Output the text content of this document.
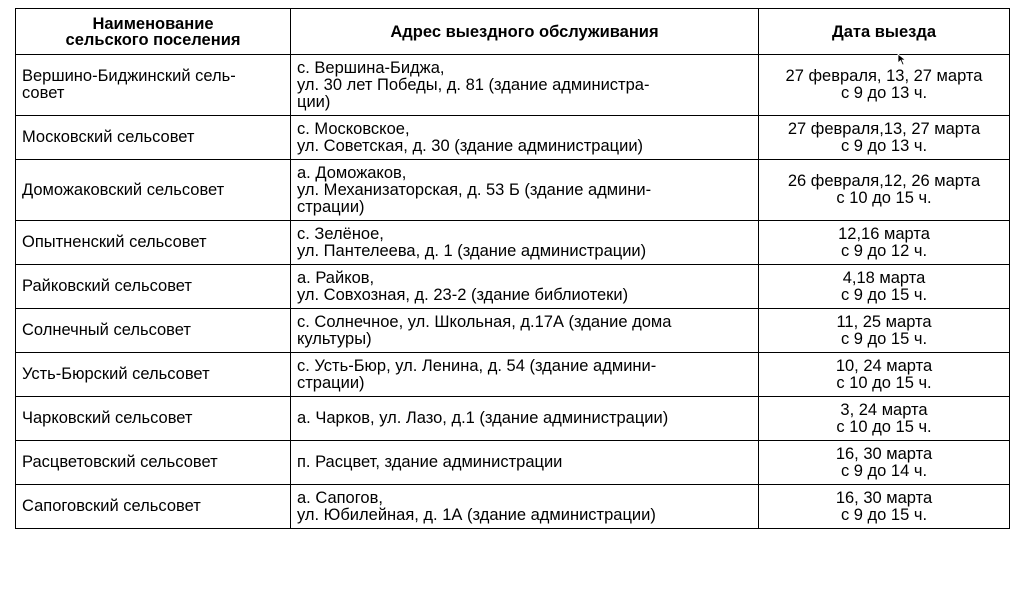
Наименование
сельского поселения	Адрес выездного обслуживания	Дата выезда

Вершино-Биджинский сель-
совет	с. Вершина-Биджа,
ул. 30 лет Победы, д. 81 (здание администра-
ции)	27 февраля, 13, 27 марта
с 9 до 13 ч.

Московский сельсовет	с. Московское,
ул. Советская, д. 30 (здание администрации)	27 февраля,13, 27 марта
с 9 до 13 ч.

Доможаковский сельсовет	а. Доможаков,
ул. Механизаторская, д. 53 Б (здание админи-
страции)	26 февраля,12, 26 марта
с 10 до 15 ч.

Опытненский сельсовет	с. Зелёное,
ул. Пантелеева, д. 1 (здание администрации)	12,16 марта
с 9 до 12 ч.

Райковский сельсовет	а. Райков,
ул. Совхозная, д. 23-2 (здание библиотеки)	4,18 марта
с 9 до 15 ч.

Солнечный сельсовет	с. Солнечное, ул. Школьная, д.17А (здание дома
культуры)	11, 25 марта
с 9 до 15 ч.

Усть-Бюрский сельсовет	с. Усть-Бюр, ул. Ленина, д. 54 (здание админи-
страции)	10, 24 марта
с 10 до 15 ч.

Чарковский сельсовет	а. Чарков, ул. Лазо, д.1 (здание администрации)	3, 24 марта
с 10 до 15 ч.

Расцветовский сельсовет	п. Расцвет, здание администрации	16, 30 марта
с 9 до 14 ч.

Сапоговский сельсовет	а. Сапогов,
ул. Юбилейная, д. 1А (здание администрации)	16, 30 марта
с 9 до 15 ч.
